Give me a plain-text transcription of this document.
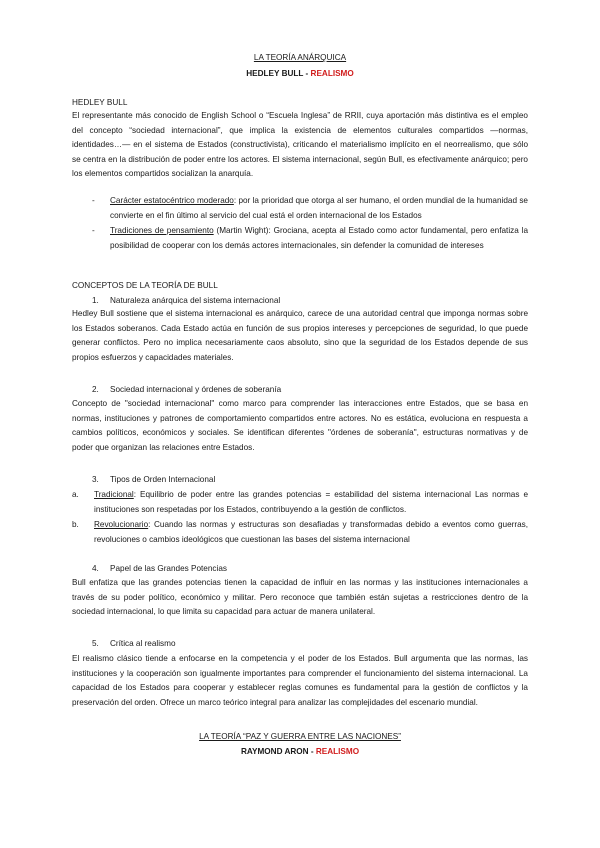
LA TEORÍA ANÁRQUICA
HEDLEY BULL - REALISMO

HEDLEY BULL

El representante más conocido de English School o “Escuela Inglesa” de RRII, cuya aportación más distintiva es el empleo del concepto “sociedad internacional”, que implica la existencia de elementos culturales compartidos —normas, identidades…— en el sistema de Estados (constructivista), criticando el materialismo implícito en el neorrealismo, que sólo se centra en la distribución de poder entre los actores. El sistema internacional, según Bull, es efectivamente anárquico; pero los elementos compartidos socializan la anarquía.

- Carácter estatocéntrico moderado: por la prioridad que otorga al ser humano, el orden mundial de la humanidad se convierte en el fin último al servicio del cual está el orden internacional de los Estados

- Tradiciones de pensamiento (Martin Wight): Grociana, acepta al Estado como actor fundamental, pero enfatiza la posibilidad de cooperar con los demás actores internacionales, sin defender la comunidad de intereses

CONCEPTOS DE LA TEORÍA DE BULL

1. Naturaleza anárquica del sistema internacional

Hedley Bull sostiene que el sistema internacional es anárquico, carece de una autoridad central que imponga normas sobre los Estados soberanos. Cada Estado actúa en función de sus propios intereses y percepciones de seguridad, lo que puede generar conflictos. Pero no implica necesariamente caos absoluto, sino que la seguridad de los Estados depende de sus propios esfuerzos y capacidades materiales.

2. Sociedad internacional y órdenes de soberanía

Concepto de "sociedad internacional" como marco para comprender las interacciones entre Estados, que se basa en normas, instituciones y patrones de comportamiento compartidos entre actores. No es estática, evoluciona en respuesta a cambios políticos, económicos y sociales. Se identifican diferentes "órdenes de soberanía", estructuras normativas y de poder que organizan las relaciones entre Estados.

3. Tipos de Orden Internacional

a. Tradicional: Equilibrio de poder entre las grandes potencias = estabilidad del sistema internacional Las normas e instituciones son respetadas por los Estados, contribuyendo a la gestión de conflictos.

b. Revolucionario: Cuando las normas y estructuras son desafiadas y transformadas debido a eventos como guerras, revoluciones o cambios ideológicos que cuestionan las bases del sistema internacional

4. Papel de las Grandes Potencias

Bull enfatiza que las grandes potencias tienen la capacidad de influir en las normas y las instituciones internacionales a través de su poder político, económico y militar. Pero reconoce que también están sujetas a restricciones dentro de la sociedad internacional, lo que limita su capacidad para actuar de manera unilateral.

5. Crítica al realismo

El realismo clásico tiende a enfocarse en la competencia y el poder de los Estados. Bull argumenta que las normas, las instituciones y la cooperación son igualmente importantes para comprender el funcionamiento del sistema internacional. La capacidad de los Estados para cooperar y establecer reglas comunes es fundamental para la gestión de conflictos y la preservación del orden. Ofrece un marco teórico integral para analizar las complejidades del escenario mundial.

LA TEORÍA “PAZ Y GUERRA ENTRE LAS NACIONES”
RAYMOND ARON - REALISMO
